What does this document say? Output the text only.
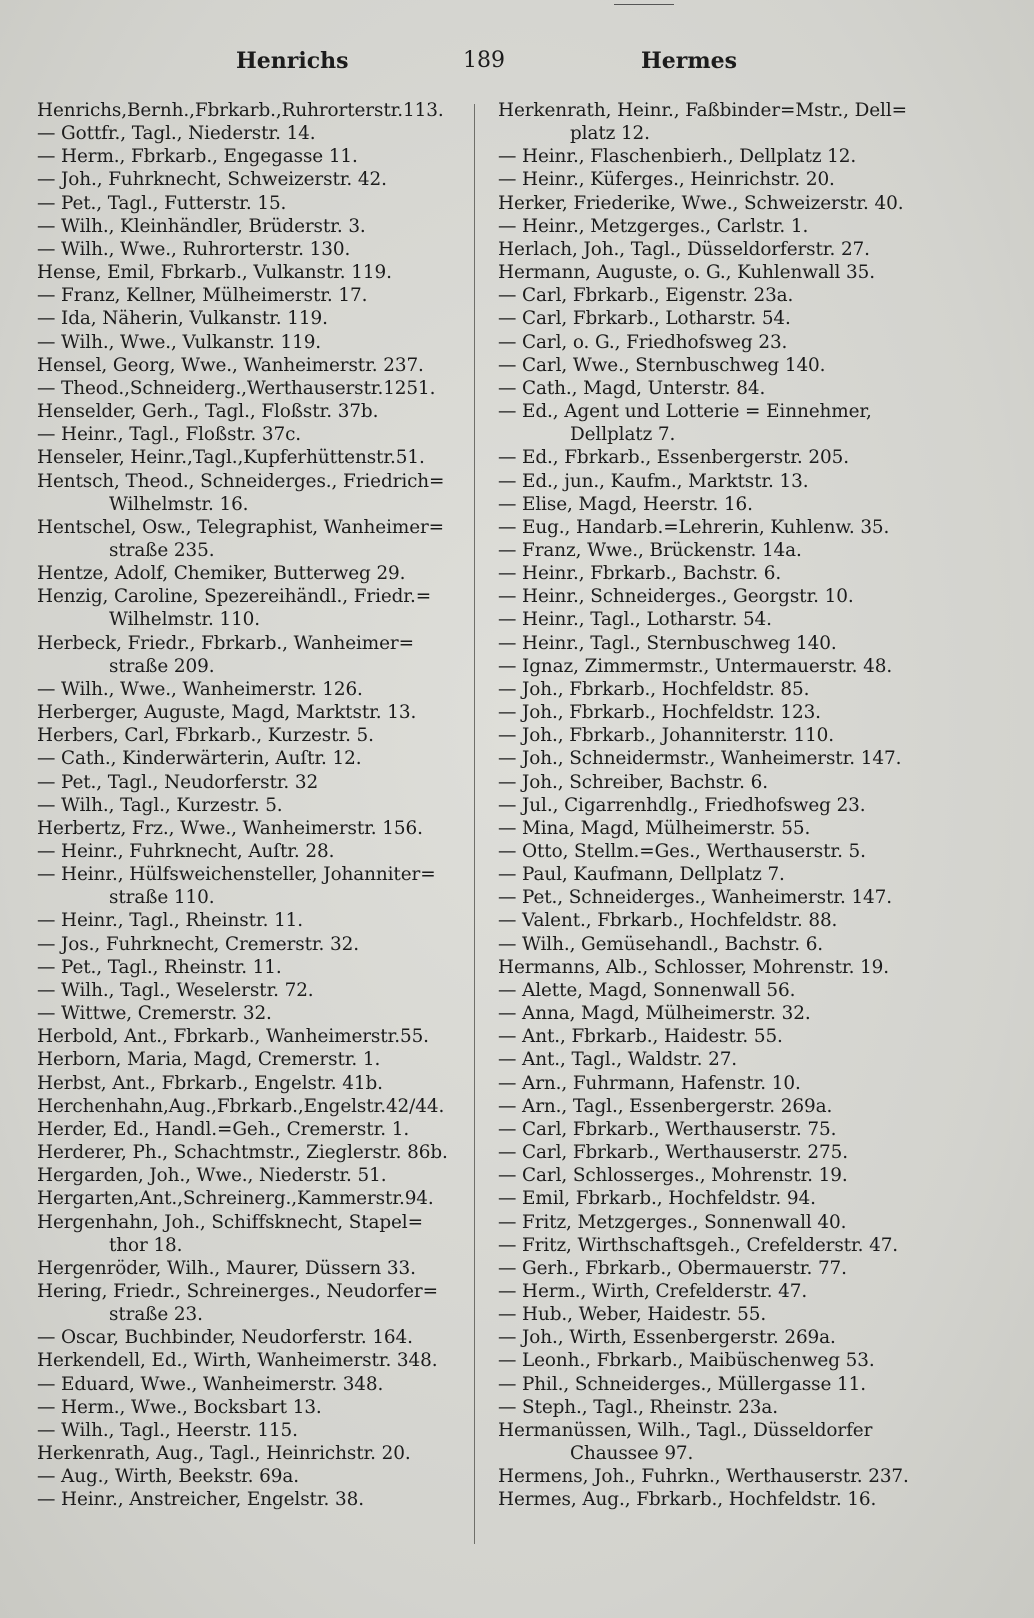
Henrichs	189	Hermes
Henrichs,Bernh.,Fbrkarb.,Ruhrorterstr.113.
— Gottfr., Tagl., Niederstr. 14.
— Herm., Fbrkarb., Engegasse 11.
— Joh., Fuhrknecht, Schweizerstr. 42.
— Pet., Tagl., Futterstr. 15.
— Wilh., Kleinhändler, Brüderstr. 3.
— Wilh., Wwe., Ruhrorterstr. 130.
Hense, Emil, Fbrkarb., Vulkanstr. 119.
— Franz, Kellner, Mülheimerstr. 17.
— Ida, Näherin, Vulkanstr. 119.
— Wilh., Wwe., Vulkanstr. 119.
Hensel, Georg, Wwe., Wanheimerstr. 237.
— Theod.,Schneiderg.,Werthauserstr.1251.
Henselder, Gerh., Tagl., Floßstr. 37b.
— Heinr., Tagl., Floßstr. 37c.
Henseler, Heinr.,Tagl.,Kupferhüttenstr.51.
Hentsch, Theod., Schneiderges., Friedrich=
Wilhelmstr. 16.
Hentschel, Osw., Telegraphist, Wanheimer=
straße 235.
Hentze, Adolf, Chemiker, Butterweg 29.
Henzig, Caroline, Spezereihändl., Friedr.=
Wilhelmstr. 110.
Herbeck, Friedr., Fbrkarb., Wanheimer=
straße 209.
— Wilh., Wwe., Wanheimerstr. 126.
Herberger, Auguste, Magd, Marktstr. 13.
Herbers, Carl, Fbrkarb., Kurzestr. 5.
— Cath., Kinderwärterin, Auſtr. 12.
— Pet., Tagl., Neudorferstr. 32
— Wilh., Tagl., Kurzestr. 5.
Herbertz, Frz., Wwe., Wanheimerstr. 156.
— Heinr., Fuhrknecht, Auſtr. 28.
— Heinr., Hülfsweichensteller, Johanniter=
straße 110.
— Heinr., Tagl., Rheinstr. 11.
— Jos., Fuhrknecht, Cremerstr. 32.
— Pet., Tagl., Rheinstr. 11.
— Wilh., Tagl., Weselerstr. 72.
— Wittwe, Cremerstr. 32.
Herbold, Ant., Fbrkarb., Wanheimerstr.55.
Herborn, Maria, Magd, Cremerstr. 1.
Herbst, Ant., Fbrkarb., Engelstr. 41b.
Herchenhahn,Aug.,Fbrkarb.,Engelstr.42/44.
Herder, Ed., Handl.=Geh., Cremerstr. 1.
Herderer, Ph., Schachtmstr., Zieglerstr. 86b.
Hergarden, Joh., Wwe., Niederstr. 51.
Hergarten,Ant.,Schreinerg.,Kammerstr.94.
Hergenhahn, Joh., Schiffsknecht, Stapel=
thor 18.
Hergenröder, Wilh., Maurer, Düssern 33.
Hering, Friedr., Schreinerges., Neudorfer=
straße 23.
— Oscar, Buchbinder, Neudorferstr. 164.
Herkendell, Ed., Wirth, Wanheimerstr. 348.
— Eduard, Wwe., Wanheimerstr. 348.
— Herm., Wwe., Bocksbart 13.
— Wilh., Tagl., Heerstr. 115.
Herkenrath, Aug., Tagl., Heinrichstr. 20.
— Aug., Wirth, Beekstr. 69a.
— Heinr., Anstreicher, Engelstr. 38.
Herkenrath, Heinr., Faßbinder=Mstr., Dell=
platz 12.
— Heinr., Flaschenbierh., Dellplatz 12.
— Heinr., Küferges., Heinrichstr. 20.
Herker, Friederike, Wwe., Schweizerstr. 40.
— Heinr., Metzgerges., Carlstr. 1.
Herlach, Joh., Tagl., Düsseldorferstr. 27.
Hermann, Auguste, o. G., Kuhlenwall 35.
— Carl, Fbrkarb., Eigenstr. 23a.
— Carl, Fbrkarb., Lotharstr. 54.
— Carl, o. G., Friedhofsweg 23.
— Carl, Wwe., Sternbuschweg 140.
— Cath., Magd, Unterstr. 84.
— Ed., Agent und Lotterie = Einnehmer,
Dellplatz 7.
— Ed., Fbrkarb., Essenbergerstr. 205.
— Ed., jun., Kaufm., Marktstr. 13.
— Elise, Magd, Heerstr. 16.
— Eug., Handarb.=Lehrerin, Kuhlenw. 35.
— Franz, Wwe., Brückenstr. 14a.
— Heinr., Fbrkarb., Bachstr. 6.
— Heinr., Schneiderges., Georgstr. 10.
— Heinr., Tagl., Lotharstr. 54.
— Heinr., Tagl., Sternbuschweg 140.
— Ignaz, Zimmermstr., Untermauerstr. 48.
— Joh., Fbrkarb., Hochfeldstr. 85.
— Joh., Fbrkarb., Hochfeldstr. 123.
— Joh., Fbrkarb., Johanniterstr. 110.
— Joh., Schneidermstr., Wanheimerstr. 147.
— Joh., Schreiber, Bachstr. 6.
— Jul., Cigarrenhdlg., Friedhofsweg 23.
— Mina, Magd, Mülheimerstr. 55.
— Otto, Stellm.=Ges., Werthauserstr. 5.
— Paul, Kaufmann, Dellplatz 7.
— Pet., Schneiderges., Wanheimerstr. 147.
— Valent., Fbrkarb., Hochfeldstr. 88.
— Wilh., Gemüsehandl., Bachstr. 6.
Hermanns, Alb., Schlosser, Mohrenstr. 19.
— Alette, Magd, Sonnenwall 56.
— Anna, Magd, Mülheimerstr. 32.
— Ant., Fbrkarb., Haidestr. 55.
— Ant., Tagl., Waldstr. 27.
— Arn., Fuhrmann, Hafenstr. 10.
— Arn., Tagl., Essenbergerstr. 269a.
— Carl, Fbrkarb., Werthauserstr. 75.
— Carl, Fbrkarb., Werthauserstr. 275.
— Carl, Schlosserges., Mohrenstr. 19.
— Emil, Fbrkarb., Hochfeldstr. 94.
— Fritz, Metzgerges., Sonnenwall 40.
— Fritz, Wirthschaftsgeh., Crefelderstr. 47.
— Gerh., Fbrkarb., Obermauerstr. 77.
— Herm., Wirth, Crefelderstr. 47.
— Hub., Weber, Haidestr. 55.
— Joh., Wirth, Essenbergerstr. 269a.
— Leonh., Fbrkarb., Maibüschenweg 53.
— Phil., Schneiderges., Müllergasse 11.
— Steph., Tagl., Rheinstr. 23a.
Hermanüssen, Wilh., Tagl., Düsseldorfer
Chaussee 97.
Hermens, Joh., Fuhrkn., Werthauserstr. 237.
Hermes, Aug., Fbrkarb., Hochfeldstr. 16.
